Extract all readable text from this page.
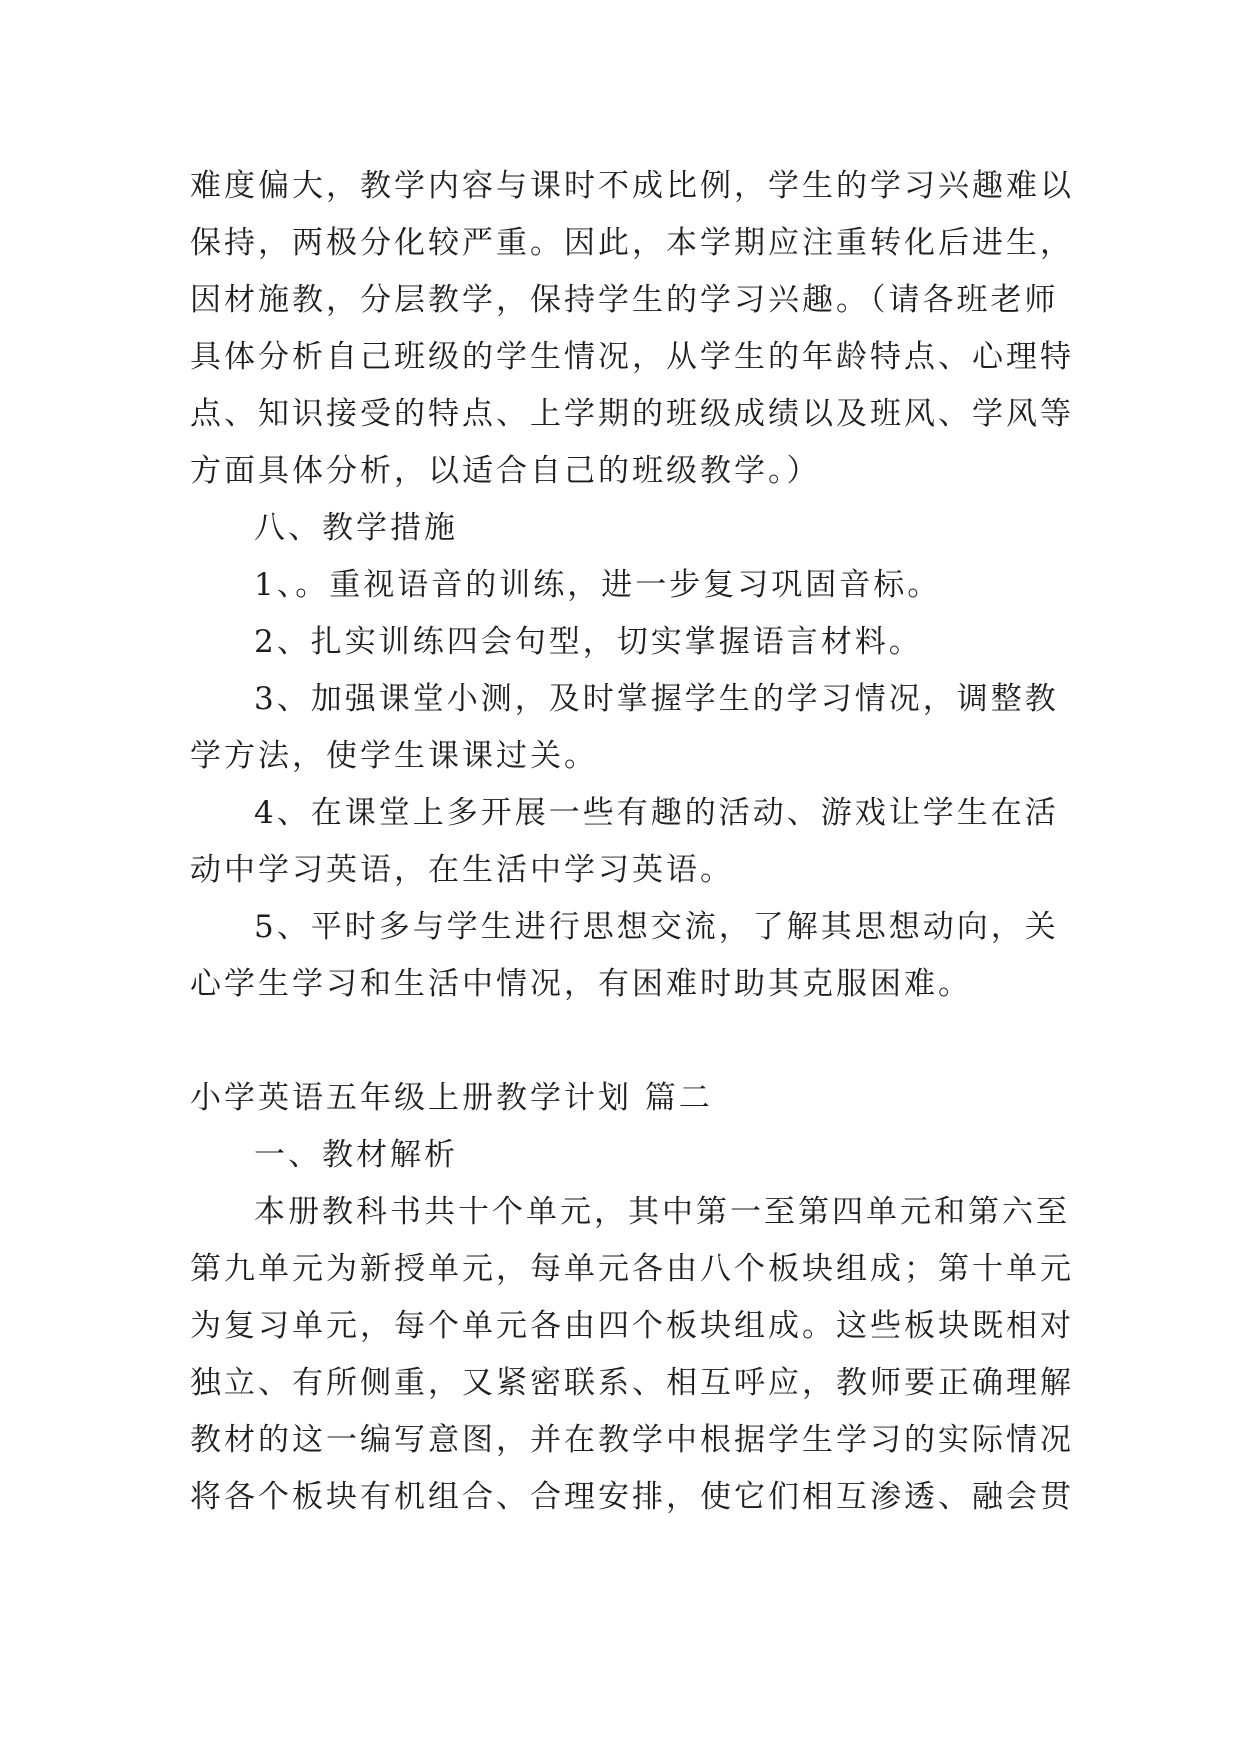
难度偏大，教学内容与课时不成比例，学生的学习兴趣难以
保持，两极分化较严重。因此，本学期应注重转化后进生，
因材施教，分层教学，保持学生的学习兴趣。（请各班老师
具体分析自己班级的学生情况，从学生的年龄特点、心理特
点、知识接受的特点、上学期的班级成绩以及班风、学风等
方面具体分析，以适合自己的班级教学。）
八、教学措施
1、。重视语音的训练，进一步复习巩固音标。
2、扎实训练四会句型，切实掌握语言材料。
3、加强课堂小测，及时掌握学生的学习情况，调整教
学方法，使学生课课过关。
4、在课堂上多开展一些有趣的活动、游戏让学生在活
动中学习英语，在生活中学习英语。
5、平时多与学生进行思想交流，了解其思想动向，关
心学生学习和生活中情况，有困难时助其克服困难。
小学英语五年级上册教学计划 篇二
一、教材解析
本册教科书共十个单元，其中第一至第四单元和第六至
第九单元为新授单元，每单元各由八个板块组成；第十单元
为复习单元，每个单元各由四个板块组成。这些板块既相对
独立、有所侧重，又紧密联系、相互呼应，教师要正确理解
教材的这一编写意图，并在教学中根据学生学习的实际情况
将各个板块有机组合、合理安排，使它们相互渗透、融会贯
